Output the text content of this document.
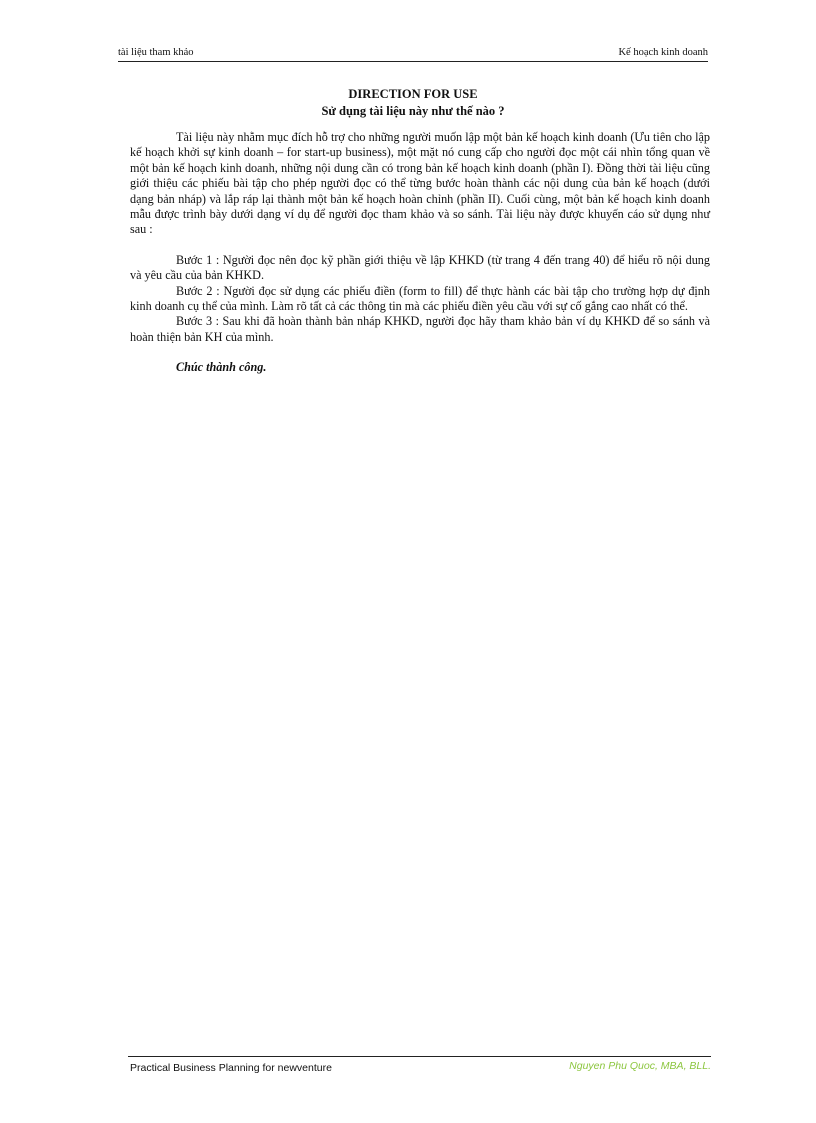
tài liệu tham khảo	Kế hoạch kinh doanh
DIRECTION FOR USE
Sử dụng tài liệu này như thế nào ?

Tài liệu này nhằm mục đích hỗ trợ cho những người muốn lập một bản kế hoạch kinh doanh (Ưu tiên cho lập kế hoạch khởi sự kinh doanh – for start-up business), một mặt nó cung cấp cho người đọc một cái nhìn tổng quan về một bản kế hoạch kinh doanh, những nội dung cần có trong bản kế hoạch kinh doanh (phần I). Đồng thời tài liệu cũng giới thiệu các phiếu bài tập cho phép người đọc có thể từng bước hoàn thành các nội dung của bản kế hoạch (dưới dạng bản nháp) và lắp ráp lại thành một bản kế hoạch hoàn chỉnh (phần II). Cuối cùng, một bản kế hoạch kinh doanh mẫu được trình bày dưới dạng ví dụ để người đọc tham khảo và so sánh. Tài liệu này được khuyến cáo sử dụng như sau :

Bước 1 : Người đọc nên đọc kỹ phần giới thiệu về lập KHKD (từ trang 4 đến trang 40) để hiểu rõ nội dung và yêu cầu của bản KHKD.

Bước 2 : Người đọc sử dụng các phiếu điền (form to fill) để thực hành các bài tập cho trường hợp dự định kinh doanh cụ thể của mình. Làm rõ tất cả các thông tin mà các phiếu điền yêu cầu với sự cố gắng cao nhất có thể.

Bước 3 : Sau khi đã hoàn thành bản nháp KHKD, người đọc hãy tham khảo bản ví dụ KHKD để so sánh và hoàn thiện bản KH của mình.

Chúc thành công.

Practical Business Planning for newventure	Nguyen Phu Quoc, MBA, BLL.
